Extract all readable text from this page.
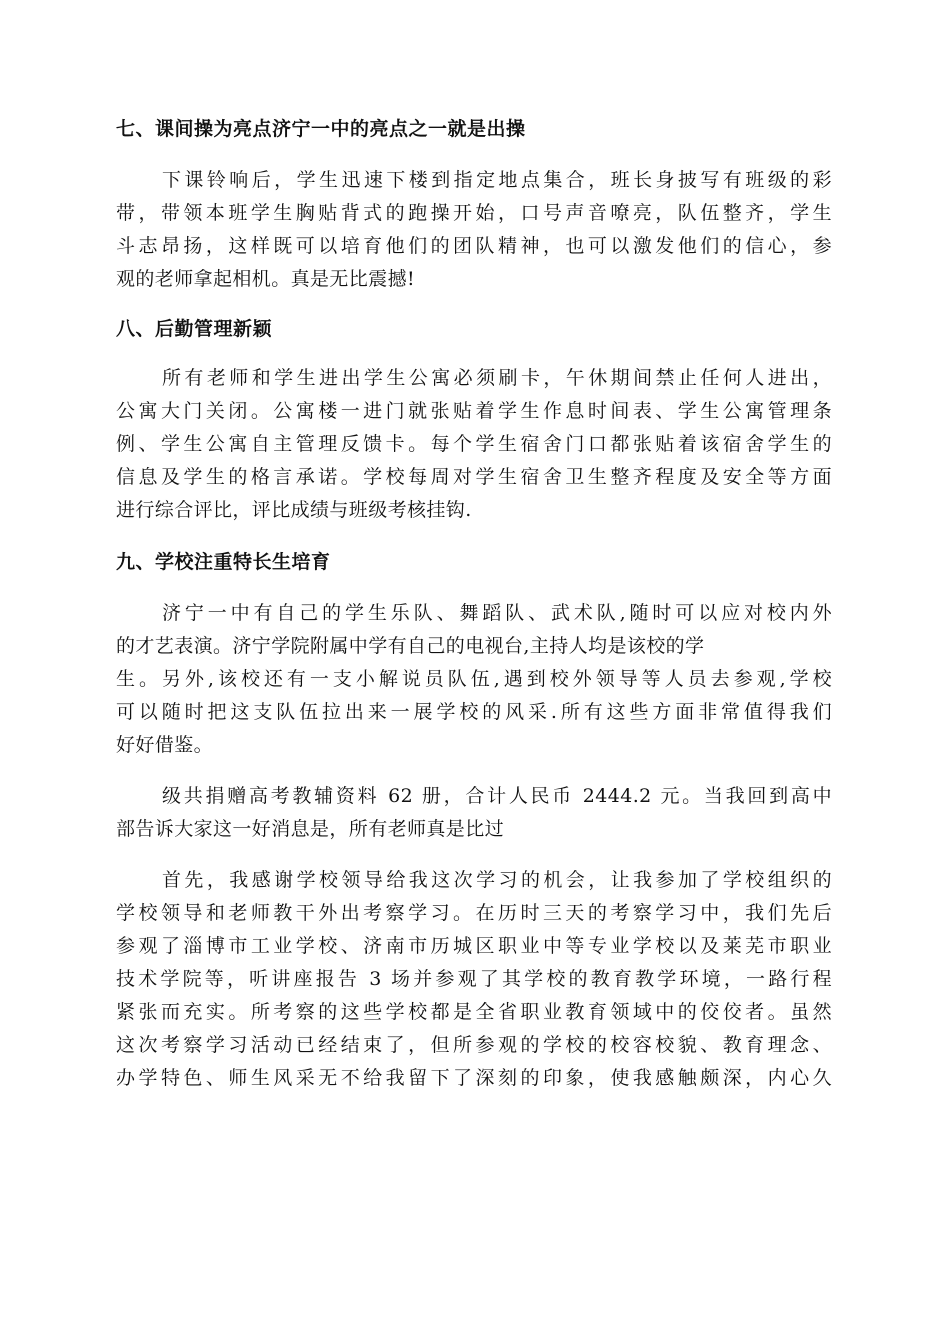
七、课间操为亮点济宁一中的亮点之一就是出操
下课铃响后，学生迅速下楼到指定地点集合，班长身披写有班级的彩
带，带领本班学生胸贴背式的跑操开始，口号声音嘹亮，队伍整齐，学生
斗志昂扬，这样既可以培育他们的团队精神，也可以激发他们的信心，参
观的老师拿起相机。真是无比震撼!
八、后勤管理新颖
所有老师和学生进出学生公寓必须刷卡，午休期间禁止任何人进出，
公寓大门关闭。公寓楼一进门就张贴着学生作息时间表、学生公寓管理条
例、学生公寓自主管理反馈卡。每个学生宿舍门口都张贴着该宿舍学生的
信息及学生的格言承诺。学校每周对学生宿舍卫生整齐程度及安全等方面
进行综合评比，评比成绩与班级考核挂钩.
九、学校注重特长生培育
济宁一中有自己的学生乐队、舞蹈队、武术队,随时可以应对校内外
的才艺表演。济宁学院附属中学有自己的电视台,主持人均是该校的学
生。另外,该校还有一支小解说员队伍,遇到校外领导等人员去参观,学校
可以随时把这支队伍拉出来一展学校的风采.所有这些方面非常值得我们
好好借鉴。
级共捐赠高考教辅资料 62 册，合计人民币 2444.2 元。当我回到高中
部告诉大家这一好消息是，所有老师真是比过
首先，我感谢学校领导给我这次学习的机会，让我参加了学校组织的
学校领导和老师教干外出考察学习。在历时三天的考察学习中，我们先后
参观了淄博市工业学校、济南市历城区职业中等专业学校以及莱芜市职业
技术学院等，听讲座报告 3 场并参观了其学校的教育教学环境，一路行程
紧张而充实。所考察的这些学校都是全省职业教育领域中的佼佼者。虽然
这次考察学习活动已经结束了，但所参观的学校的校容校貌、教育理念、
办学特色、师生风采无不给我留下了深刻的印象，使我感触颇深，内心久
